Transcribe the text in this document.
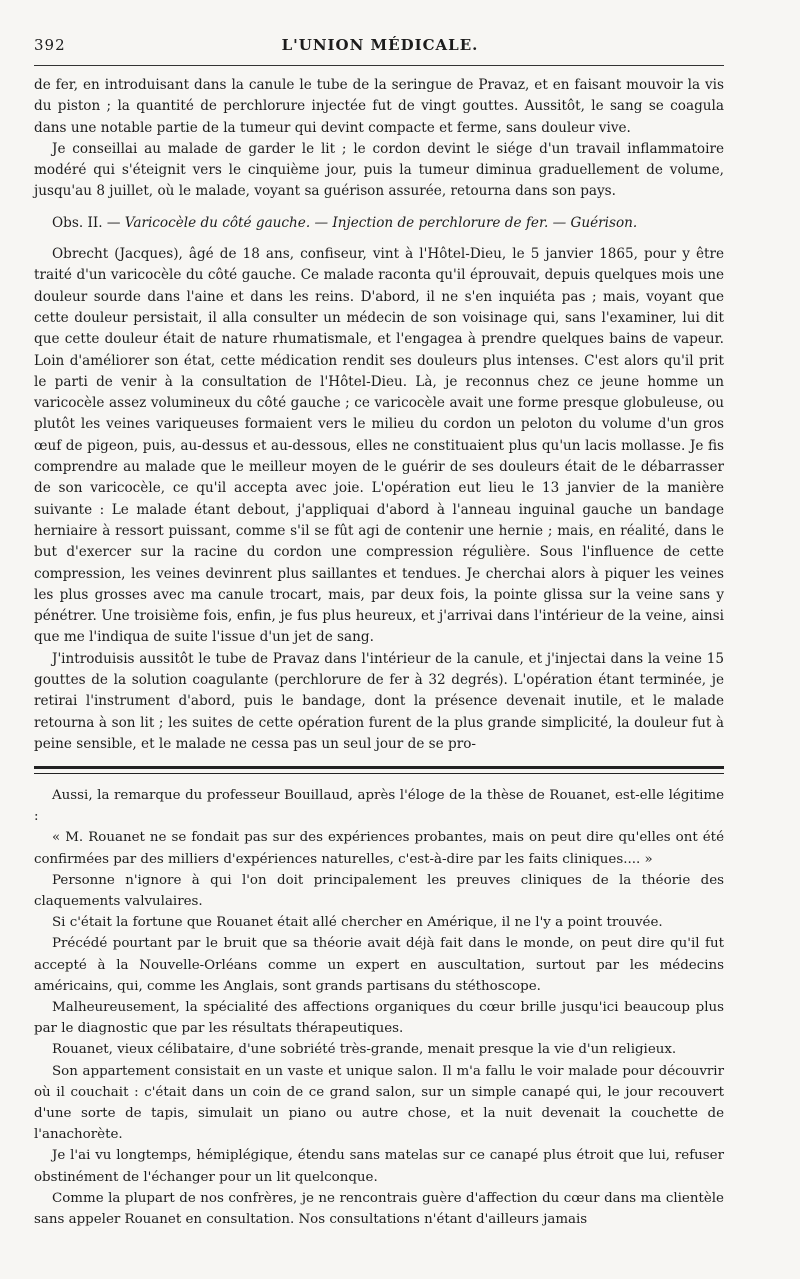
392	L'UNION MÉDICALE.

de fer, en introduisant dans la canule le tube de la seringue de Pravaz, et en faisant mouvoir la vis du piston ; la quantité de perchlorure injectée fut de vingt gouttes. Aussitôt, le sang se coagula dans une notable partie de la tumeur qui devint compacte et ferme, sans douleur vive.

Je conseillai au malade de garder le lit ; le cordon devint le siége d'un travail inflammatoire modéré qui s'éteignit vers le cinquième jour, puis la tumeur diminua graduellement de volume, jusqu'au 8 juillet, où le malade, voyant sa guérison assurée, retourna dans son pays.

Obs. II. — Varicocèle du côté gauche. — Injection de perchlorure de fer. — Guérison.

Obrecht (Jacques), âgé de 18 ans, confiseur, vint à l'Hôtel-Dieu, le 5 janvier 1865, pour y être traité d'un varicocèle du côté gauche. Ce malade raconta qu'il éprouvait, depuis quelques mois une douleur sourde dans l'aine et dans les reins. D'abord, il ne s'en inquiéta pas ; mais, voyant que cette douleur persistait, il alla consulter un médecin de son voisinage qui, sans l'examiner, lui dit que cette douleur était de nature rhumatismale, et l'engagea à prendre quelques bains de vapeur. Loin d'améliorer son état, cette médication rendit ses douleurs plus intenses. C'est alors qu'il prit le parti de venir à la consultation de l'Hôtel-Dieu. Là, je reconnus chez ce jeune homme un varicocèle assez volumineux du côté gauche ; ce varicocèle avait une forme presque globuleuse, ou plutôt les veines variqueuses formaient vers le milieu du cordon un peloton du volume d'un gros œuf de pigeon, puis, au-dessus et au-dessous, elles ne constituaient plus qu'un lacis mollasse. Je fis comprendre au malade que le meilleur moyen de le guérir de ses douleurs était de le débarrasser de son varicocèle, ce qu'il accepta avec joie. L'opération eut lieu le 13 janvier de la manière suivante : Le malade étant debout, j'appliquai d'abord à l'anneau inguinal gauche un bandage herniaire à ressort puissant, comme s'il se fût agi de contenir une hernie ; mais, en réalité, dans le but d'exercer sur la racine du cordon une compression régulière. Sous l'influence de cette compression, les veines devinrent plus saillantes et tendues. Je cherchai alors à piquer les veines les plus grosses avec ma canule trocart, mais, par deux fois, la pointe glissa sur la veine sans y pénétrer. Une troisième fois, enfin, je fus plus heureux, et j'arrivai dans l'intérieur de la veine, ainsi que me l'indiqua de suite l'issue d'un jet de sang.

J'introduisis aussitôt le tube de Pravaz dans l'intérieur de la canule, et j'injectai dans la veine 15 gouttes de la solution coagulante (perchlorure de fer à 32 degrés). L'opération étant terminée, je retirai l'instrument d'abord, puis le bandage, dont la présence devenait inutile, et le malade retourna à son lit ; les suites de cette opération furent de la plus grande simplicité, la douleur fut à peine sensible, et le malade ne cessa pas un seul jour de se pro-

Aussi, la remarque du professeur Bouillaud, après l'éloge de la thèse de Rouanet, est-elle légitime :

« M. Rouanet ne se fondait pas sur des expériences probantes, mais on peut dire qu'elles ont été confirmées par des milliers d'expériences naturelles, c'est-à-dire par les faits cliniques.... »

Personne n'ignore à qui l'on doit principalement les preuves cliniques de la théorie des claquements valvulaires.

Si c'était la fortune que Rouanet était allé chercher en Amérique, il ne l'y a point trouvée.

Précédé pourtant par le bruit que sa théorie avait déjà fait dans le monde, on peut dire qu'il fut accepté à la Nouvelle-Orléans comme un expert en auscultation, surtout par les médecins américains, qui, comme les Anglais, sont grands partisans du stéthoscope.

Malheureusement, la spécialité des affections organiques du cœur brille jusqu'ici beaucoup plus par le diagnostic que par les résultats thérapeutiques.

Rouanet, vieux célibataire, d'une sobriété très-grande, menait presque la vie d'un religieux.

Son appartement consistait en un vaste et unique salon. Il m'a fallu le voir malade pour découvrir où il couchait : c'était dans un coin de ce grand salon, sur un simple canapé qui, le jour recouvert d'une sorte de tapis, simulait un piano ou autre chose, et la nuit devenait la couchette de l'anachorète.

Je l'ai vu longtemps, hémiplégique, étendu sans matelas sur ce canapé plus étroit que lui, refuser obstinément de l'échanger pour un lit quelconque.

Comme la plupart de nos confrères, je ne rencontrais guère d'affection du cœur dans ma clientèle sans appeler Rouanet en consultation. Nos consultations n'étant d'ailleurs jamais
